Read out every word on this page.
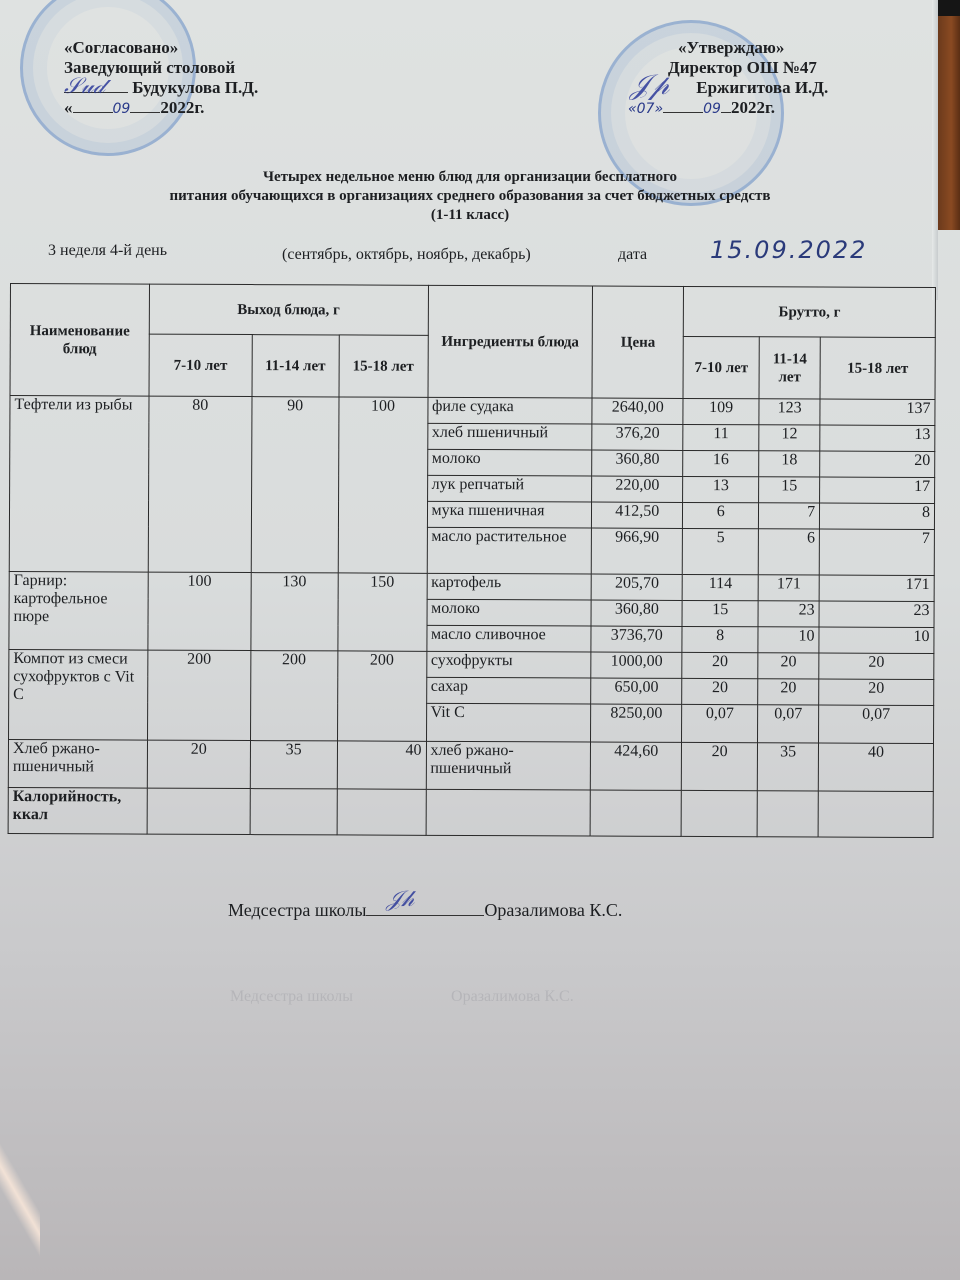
«Согласовано»
Заведующий столовой
Будукулова П.Д.
«	09 2022г.
𝒮𝓊𝒹
«Утверждаю»
Директор ОШ №47
Ержигитова И.Д.
«07»	09 2022г.
𝒥𝓅
Четырех недельное меню блюд для организации бесплатного
питания обучающихся в организациях среднего образования за счет бюджетных средств
(1-11 класс)
3 неделя 4-й день	(сентябрь, октябрь, ноябрь, декабрь)	дата	15.09.2022
Наименование блюд	Выход блюда, г			Ингредиенты блюда	Цена	Брутто, г		
	7-10 лет	11-14 лет	15-18 лет			7-10 лет	11-14 лет	15-18 лет
Тефтели из рыбы	80	90	100	филе судака	2640,00	109	123	137
				хлеб пшеничный	376,20	11	12	13
				молоко	360,80	16	18	20
				лук репчатый	220,00	13	15	17
				мука пшеничная	412,50	6	7	8
				масло растительное	966,90	5	6	7
Гарнир: картофельное пюре	100	130	150	картофель	205,70	114	171	171
				молоко	360,80	15	23	23
				масло сливочное	3736,70	8	10	10
Компот из смеси сухофруктов с Vit C	200	200	200	сухофрукты	1000,00	20	20	20
				сахар	650,00	20	20	20
				Vit C	8250,00	0,07	0,07	0,07
Хлеб ржано-пшеничный	20	35	40	хлеб ржано-пшеничный	424,60	20	35	40
Калорийность, ккал								
Медсестра школы 𝒥𝒽	Оразалимова К.С.
Медсестра школы	Оразалимова К.С.
